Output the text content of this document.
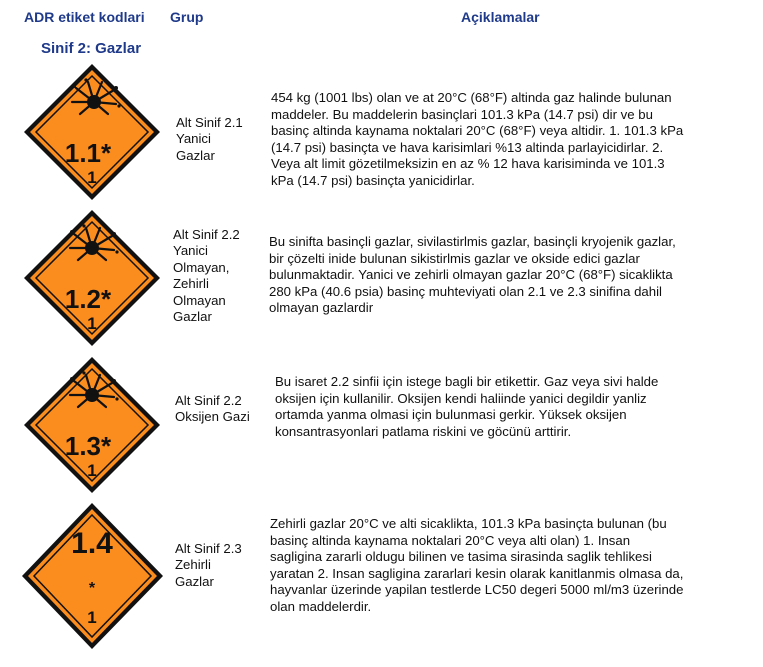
ADR etiket kodlari Grup	Açiklamalar
Sinif 2: Gazlar
1.1*
1
Alt Sinif 2.1
Yanici
Gazlar
454 kg (1001 lbs) olan ve at 20°C (68°F) altinda gaz halinde bulunan
maddeler. Bu maddelerin basinçlari 101.3 kPa (14.7 psi) dir ve bu
basinç altinda kaynama noktalari 20°C (68°F) veya altidir. 1. 101.3 kPa
(14.7 psi) basinçta ve hava karisimlari %13 altinda parlayicidirlar. 2.
Veya alt limit gözetilmeksizin en az % 12 hava karisiminda ve 101.3
kPa (14.7 psi) basinçta yanicidirlar.
1.2*
1
Alt Sinif 2.2
Yanici
Olmayan,
Zehirli
Olmayan
Gazlar
Bu sinifta basinçli gazlar, sivilastirlmis gazlar, basinçli kryojenik gazlar,
bir çözelti inide bulunan sikistirlmis gazlar ve okside edici gazlar
bulunmaktadir. Yanici ve zehirli olmayan gazlar 20°C (68°F) sicaklikta
280 kPa (40.6 psia) basinç muhteviyati olan 2.1 ve 2.3 sinifina dahil
olmayan gazlardir
1.3*
1
Alt Sinif 2.2
Oksijen Gazi
Bu isaret 2.2 sinfii için istege bagli bir etikettir. Gaz veya sivi halde
oksijen için kullanilir. Oksijen kendi haliinde yanici degildir yanliz
ortamda yanma olmasi için bulunmasi gerkir. Yüksek oksijen
konsantrasyonlari patlama riskini ve göcünü arttirir.
1.4
*
1
Alt Sinif 2.3
Zehirli
Gazlar
Zehirli gazlar 20°C ve alti sicaklikta, 101.3 kPa basinçta bulunan (bu
basinç altinda kaynama noktalari 20°C veya alti olan) 1. Insan
sagligina zararli oldugu bilinen ve tasima sirasinda saglik tehlikesi
yaratan 2. Insan sagligina zararlari kesin olarak kanitlanmis olmasa da,
hayvanlar üzerinde yapilan testlerde LC50 degeri 5000 ml/m3 üzerinde
olan maddelerdir.
